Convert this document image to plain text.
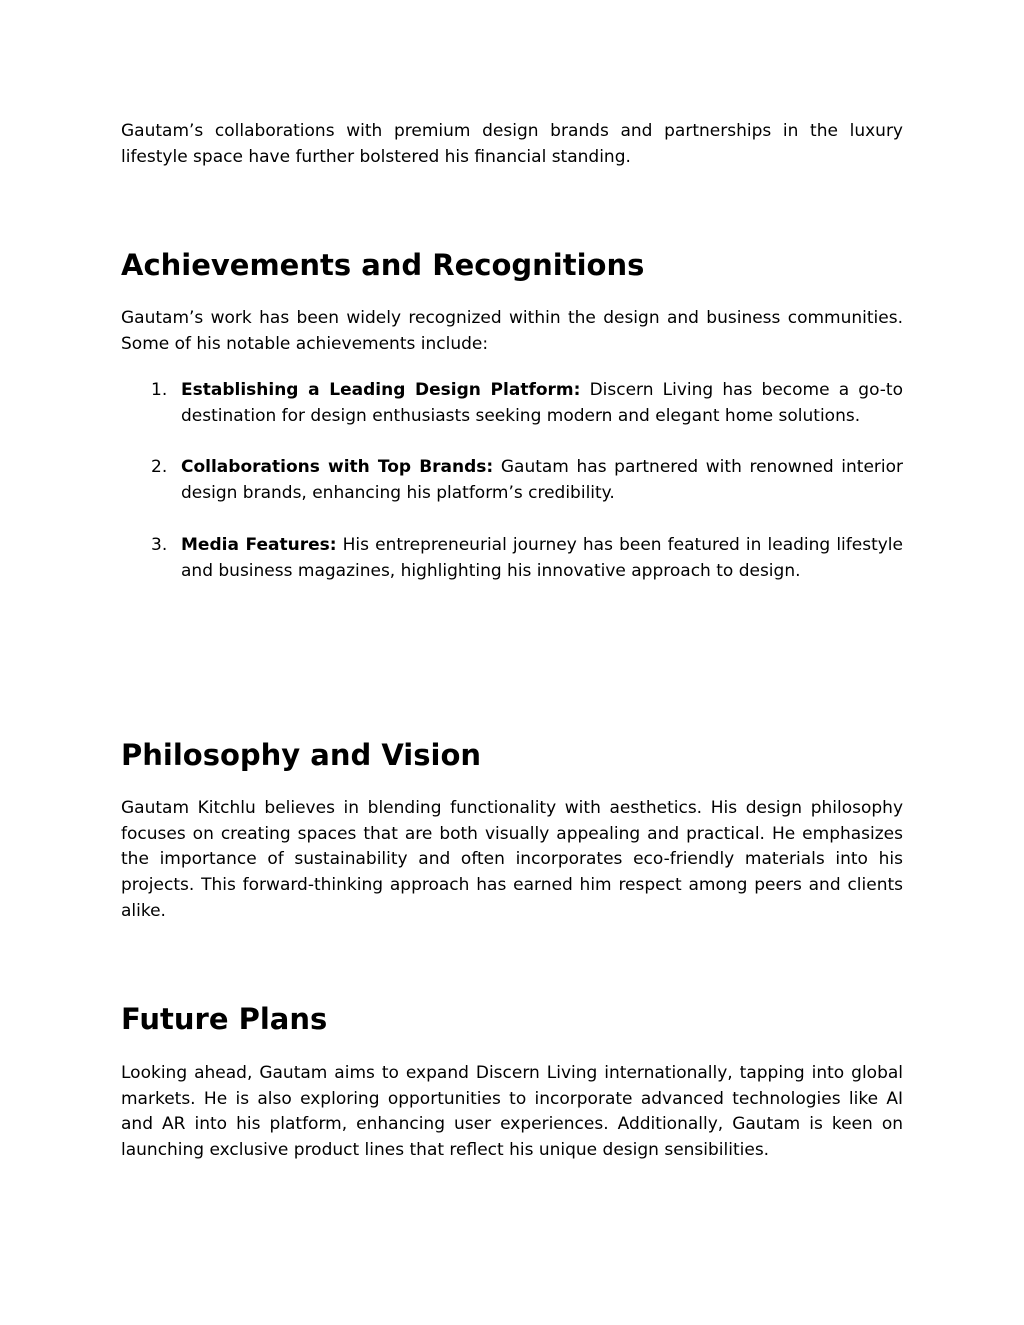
Gautam’s collaborations with premium design brands and partnerships in the luxury lifestyle space have further bolstered his financial standing.

Achievements and Recognitions

Gautam’s work has been widely recognized within the design and business communities. Some of his notable achievements include:

1. Establishing a Leading Design Platform: Discern Living has become a go-to destination for design enthusiasts seeking modern and elegant home solutions.

2. Collaborations with Top Brands: Gautam has partnered with renowned interior design brands, enhancing his platform’s credibility.

3. Media Features: His entrepreneurial journey has been featured in leading lifestyle and business magazines, highlighting his innovative approach to design.

Philosophy and Vision

Gautam Kitchlu believes in blending functionality with aesthetics. His design philosophy focuses on creating spaces that are both visually appealing and practical. He emphasizes the importance of sustainability and often incorporates eco-friendly materials into his projects. This forward-thinking approach has earned him respect among peers and clients alike.

Future Plans

Looking ahead, Gautam aims to expand Discern Living internationally, tapping into global markets. He is also exploring opportunities to incorporate advanced technologies like AI and AR into his platform, enhancing user experiences. Additionally, Gautam is keen on launching exclusive product lines that reflect his unique design sensibilities.
